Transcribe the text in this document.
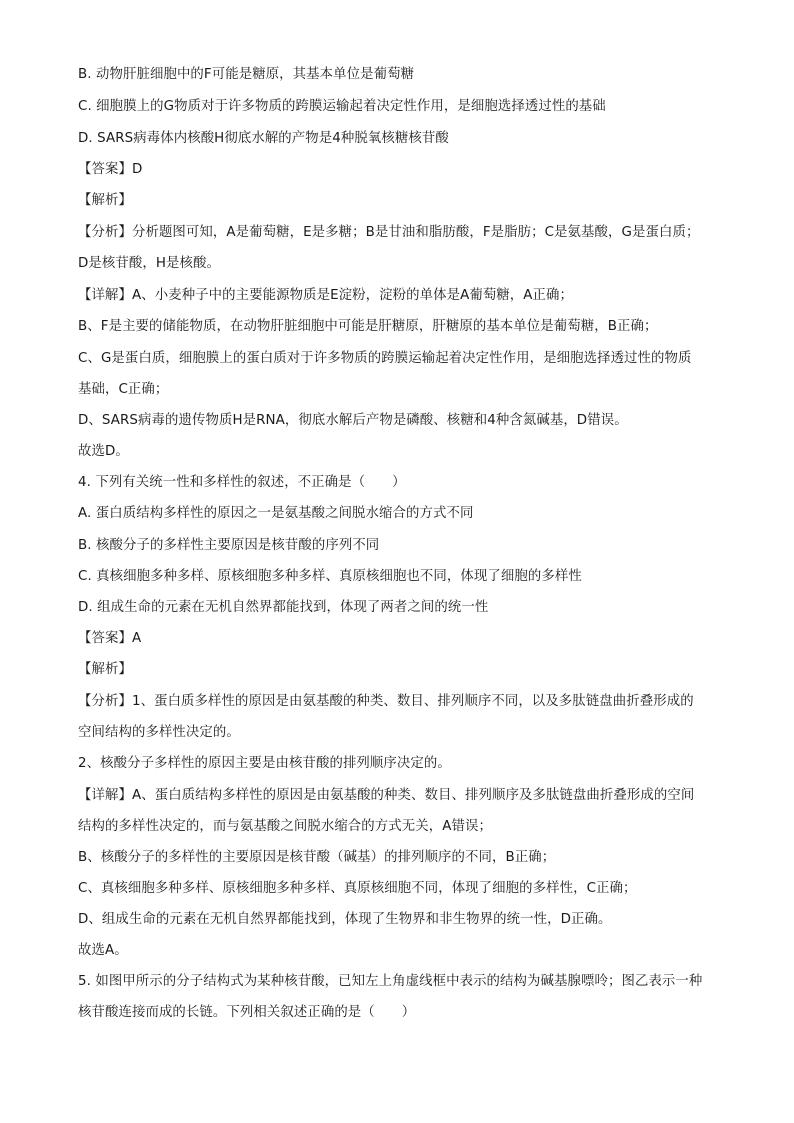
B. 动物肝脏细胞中的F可能是糖原，其基本单位是葡萄糖
C. 细胞膜上的G物质对于许多物质的跨膜运输起着决定性作用，是细胞选择透过性的基础
D. SARS病毒体内核酸H彻底水解的产物是4种脱氧核糖核苷酸
【答案】D
【解析】
【分析】分析题图可知，A是葡萄糖，E是多糖；B是甘油和脂肪酸，F是脂肪；C是氨基酸，G是蛋白质；
D是核苷酸，H是核酸。
【详解】A、小麦种子中的主要能源物质是E淀粉，淀粉的单体是A葡萄糖，A正确；
B、F是主要的储能物质，在动物肝脏细胞中可能是肝糖原，肝糖原的基本单位是葡萄糖，B正确；
C、G是蛋白质，细胞膜上的蛋白质对于许多物质的跨膜运输起着决定性作用，是细胞选择透过性的物质
基础，C正确；
D、SARS病毒的遗传物质H是RNA，彻底水解后产物是磷酸、核糖和4种含氮碱基，D错误。
故选D。
4. 下列有关统一性和多样性的叙述，不正确是（　　）
A. 蛋白质结构多样性的原因之一是氨基酸之间脱水缩合的方式不同
B. 核酸分子的多样性主要原因是核苷酸的序列不同
C. 真核细胞多种多样、原核细胞多种多样、真原核细胞也不同，体现了细胞的多样性
D. 组成生命的元素在无机自然界都能找到，体现了两者之间的统一性
【答案】A
【解析】
【分析】1、蛋白质多样性的原因是由氨基酸的种类、数目、排列顺序不同，以及多肽链盘曲折叠形成的
空间结构的多样性决定的。
2、核酸分子多样性的原因主要是由核苷酸的排列顺序决定的。
【详解】A、蛋白质结构多样性的原因是由氨基酸的种类、数目、排列顺序及多肽链盘曲折叠形成的空间
结构的多样性决定的，而与氨基酸之间脱水缩合的方式无关，A错误；
B、核酸分子的多样性的主要原因是核苷酸（碱基）的排列顺序的不同，B正确；
C、真核细胞多种多样、原核细胞多种多样、真原核细胞不同，体现了细胞的多样性，C正确；
D、组成生命的元素在无机自然界都能找到，体现了生物界和非生物界的统一性，D正确。
故选A。
5. 如图甲所示的分子结构式为某种核苷酸，已知左上角虚线框中表示的结构为碱基腺嘌呤；图乙表示一种
核苷酸连接而成的长链。下列相关叙述正确的是（　　）
